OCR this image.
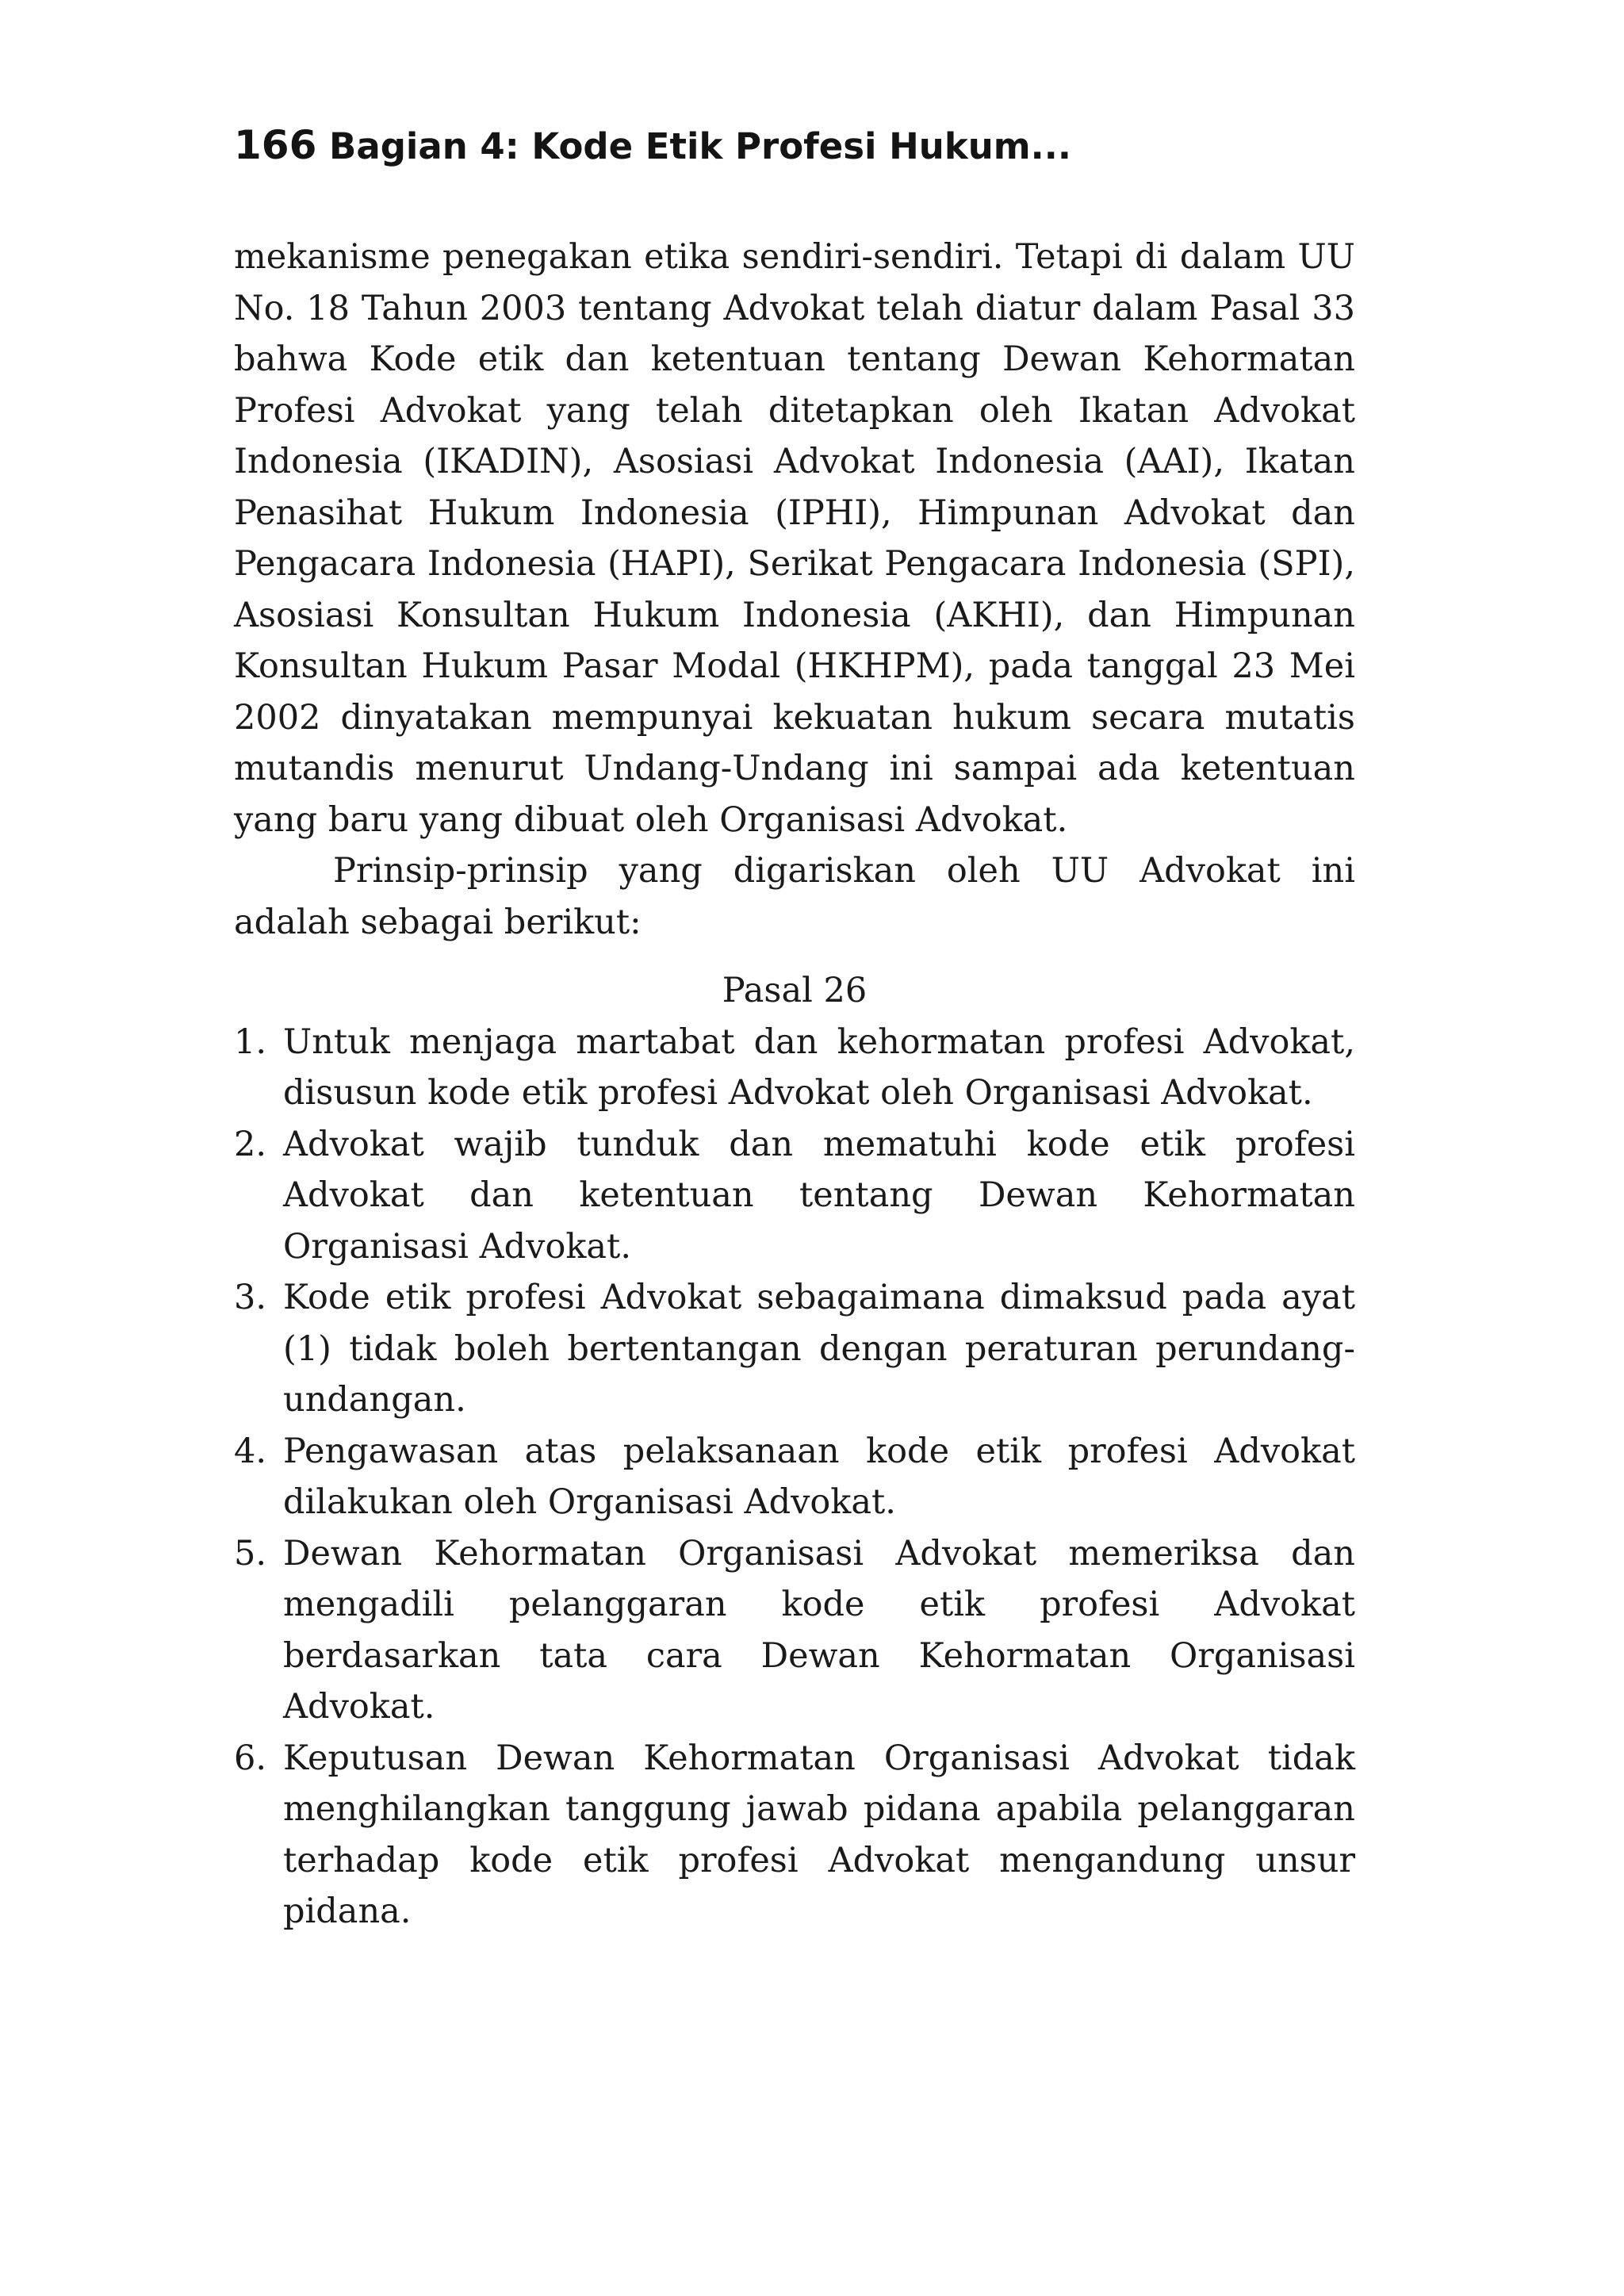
166 Bagian 4: Kode Etik Profesi Hukum...

mekanisme penegakan etika sendiri-sendiri. Tetapi di dalam UU No. 18 Tahun 2003 tentang Advokat telah diatur dalam Pasal 33 bahwa Kode etik dan ketentuan tentang Dewan Kehormatan Profesi Advokat yang telah ditetapkan oleh Ikatan Advokat Indonesia (IKADIN), Asosiasi Advokat Indonesia (AAI), Ikatan Penasihat Hukum Indonesia (IPHI), Himpunan Advokat dan Pengacara Indonesia (HAPI), Serikat Pengacara Indonesia (SPI), Asosiasi Konsultan Hukum Indonesia (AKHI), dan Himpunan Konsultan Hukum Pasar Modal (HKHPM), pada tanggal 23 Mei 2002 dinyatakan mempunyai kekuatan hukum secara mutatis mutandis menurut Undang-Undang ini sampai ada ketentuan yang baru yang dibuat oleh Organisasi Advokat.

Prinsip-prinsip yang digariskan oleh UU Advokat ini adalah sebagai berikut:

Pasal 26

1. Untuk menjaga martabat dan kehormatan profesi Advokat, disusun kode etik profesi Advokat oleh Organisasi Advokat.
2. Advokat wajib tunduk dan mematuhi kode etik profesi Advokat dan ketentuan tentang Dewan Kehormatan Organisasi Advokat.
3. Kode etik profesi Advokat sebagaimana dimaksud pada ayat (1) tidak boleh bertentangan dengan peraturan perundang-undangan.
4. Pengawasan atas pelaksanaan kode etik profesi Advokat dilakukan oleh Organisasi Advokat.
5. Dewan Kehormatan Organisasi Advokat memeriksa dan mengadili pelanggaran kode etik profesi Advokat berdasarkan tata cara Dewan Kehormatan Organisasi Advokat.
6. Keputusan Dewan Kehormatan Organisasi Advokat tidak menghilangkan tanggung jawab pidana apabila pelanggaran terhadap kode etik profesi Advokat mengandung unsur pidana.
